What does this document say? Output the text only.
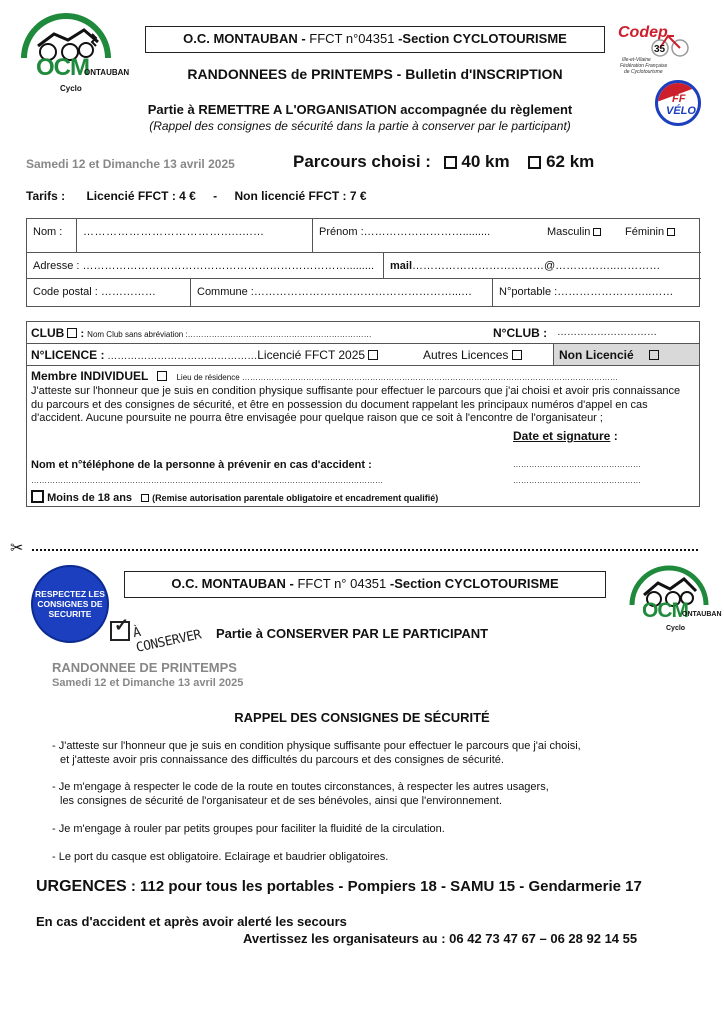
OCM
ONTAUBAN
Cyclo
O.C. MONTAUBAN - FFCT n°04351 -Section CYCLOTOURISME
RANDONNEES de PRINTEMPS - Bulletin d'INSCRIPTION
Partie à REMETTRE A L'ORGANISATION accompagnée du règlement
(Rappel des consignes de sécurité dans la partie à conserver par le participant)
Codep
35
Ille-et-Vilaine
Fédération Française
de Cyclotourisme
FF
VÉLO
Samedi 12 et Dimanche 13 avril 2025	Parcours choisi : 40 km 62 km
Tarifs : Licencié FFCT : 4 € - Non licencié FFCT : 7 €
Nom :	……………………………….........…	Prénom :……………………….........	Masculin	Féminin
Adresse : ……………………………………………………………….........	mail………………………………@……………..…………
Code postal : ……………	Commune :………………………………………………...…	N°portable :……………………..……
CLUB  : Nom Club sans abréviation :……………………………………………………………	N°CLUB : …………………………
N°LICENCE : ………………………………………Licencié FFCT 2025	Autres Licences	Non Licencié
Membre INDIVIDUEL	Lieu de résidence ……………………………………………………………………………………………………………………………
J'atteste sur l'honneur que je suis en condition physique suffisante pour effectuer le parcours que j'ai choisi et avoir pris connaissance du parcours et des consignes de sécurité, et être en possession du document rappelant les principaux numéros d'appel en cas d'accident. Aucune poursuite ne pourra être envisagée pour quelque raison que ce soit à l'encontre de l'organisateur ;
Date et signature :
Nom et n°téléphone de la personne à prévenir en cas d'accident :	…………………………………………
……………………………………………………………………………………………………………………	…………………………………………
Moins de 18 ans (Remise autorisation parentale obligatoire et encadrement qualifié)
✂
RESPECTEZ LES CONSIGNES DE SECURITE
O.C. MONTAUBAN - FFCT n° 04351 -Section CYCLOTOURISME
✓ À CONSERVER Partie à CONSERVER PAR LE PARTICIPANT
OCM
ONTAUBAN
Cyclo
RANDONNEE DE PRINTEMPS
Samedi 12 et Dimanche 13 avril 2025
RAPPEL DES CONSIGNES DE SÉCURITÉ
- J'atteste sur l'honneur que je suis en condition physique suffisante pour effectuer le parcours que j'ai choisi,
et j'atteste avoir pris connaissance des difficultés du parcours et des consignes de sécurité.
- Je m'engage à respecter le code de la route en toutes circonstances, à respecter les autres usagers,
les consignes de sécurité de l'organisateur et de ses bénévoles, ainsi que l'environnement.
- Je m'engage à rouler par petits groupes pour faciliter la fluidité de la circulation.
- Le port du casque est obligatoire. Eclairage et baudrier obligatoires.
URGENCES : 112 pour tous les portables - Pompiers 18 - SAMU 15 - Gendarmerie 17
En cas d'accident et après avoir alerté les secours
Avertissez les organisateurs au : 06 42 73 47 67 – 06 28 92 14 55
